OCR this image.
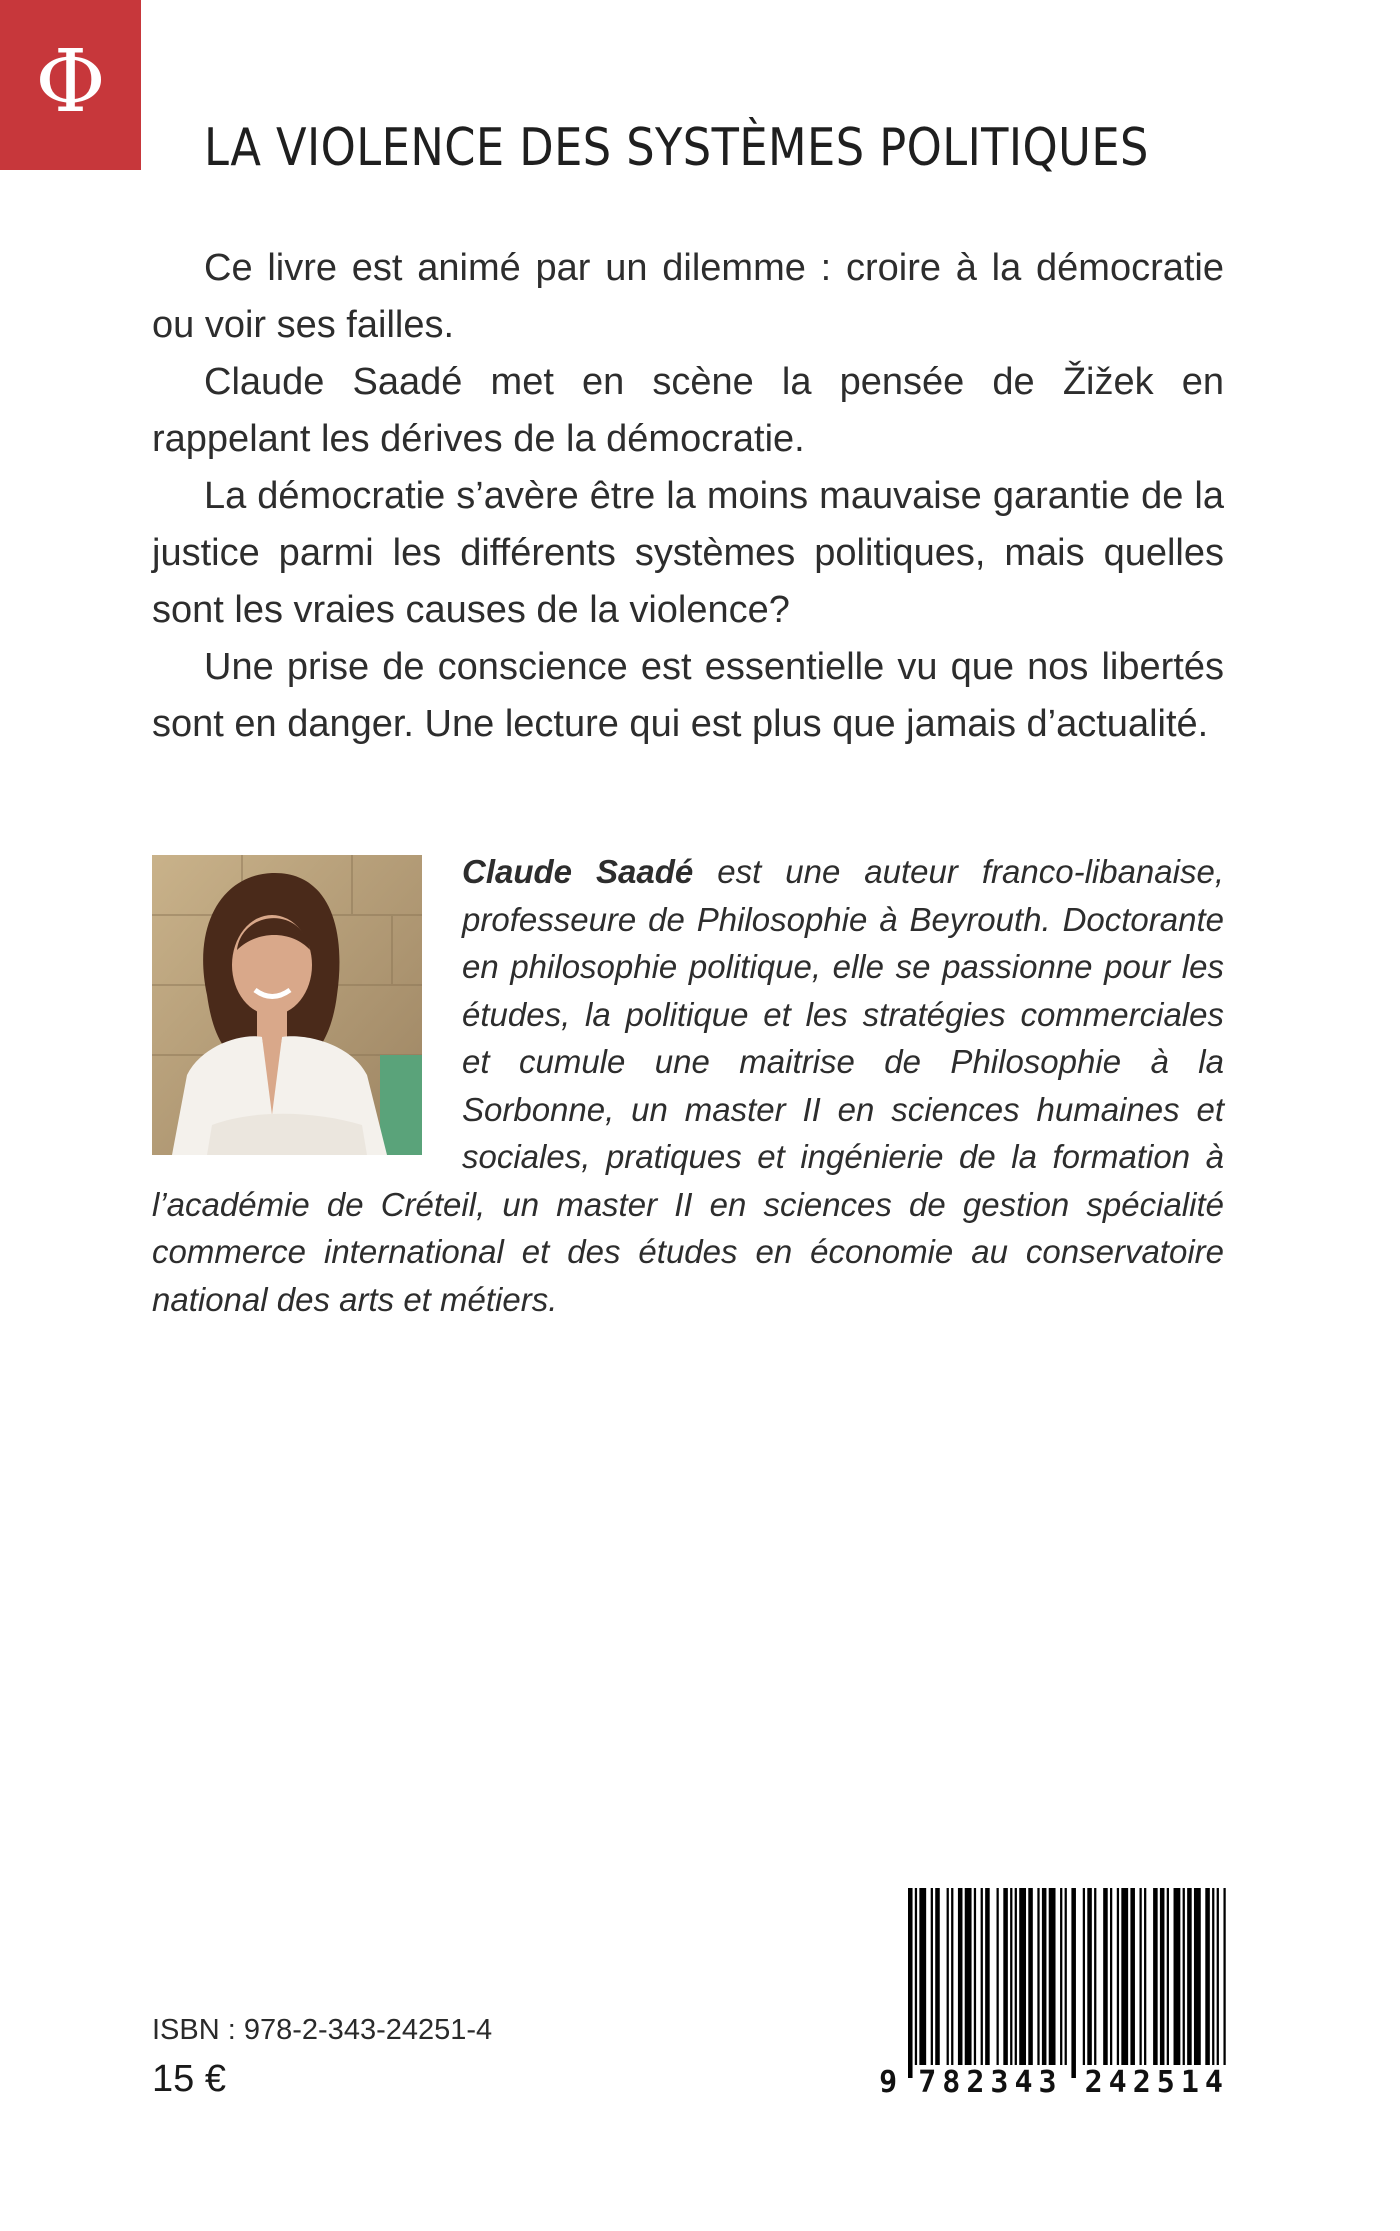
Φ
LA VIOLENCE DES SYSTÈMES POLITIQUES

Ce livre est animé par un dilemme : croire à la démocratie ou voir ses failles.

Claude Saadé met en scène la pensée de Žižek en rappelant les dérives de la démocratie.

La démocratie s’avère être la moins mauvaise garantie de la justice parmi les différents systèmes politiques, mais quelles sont les vraies causes de la violence?

Une prise de conscience est essentielle vu que nos libertés sont en danger. Une lecture qui est plus que jamais d’actualité.

Claude Saadé est une auteur franco-libanaise, professeure de Philosophie à Beyrouth. Doctorante en philosophie politique, elle se passionne pour les études, la politique et les stratégies commerciales et cumule une maitrise de Philosophie à la Sorbonne, un master II en sciences humaines et sociales, pratiques et ingénierie de la formation à l’académie de Créteil, un master II en sciences de gestion spécialité commerce international et des études en économie au conservatoire national des arts et métiers.

ISBN : 978-2-343-24251-4
15 €	9 782343 242514
